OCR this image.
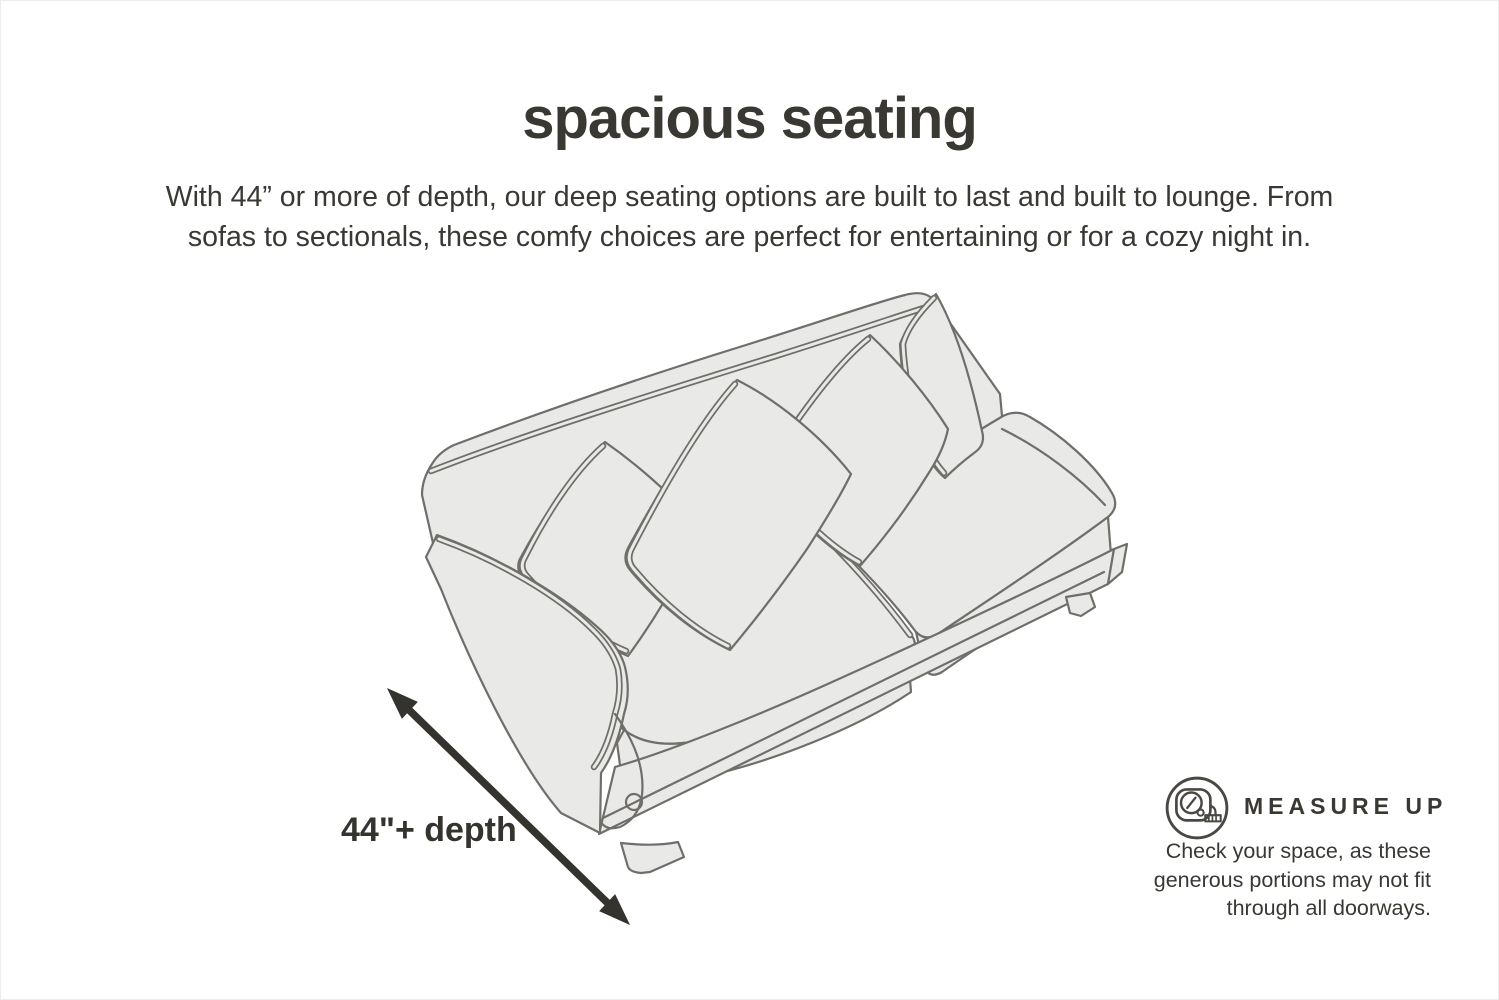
spacious seating
With 44” or more of depth, our deep seating options are built to last and built to lounge. From
sofas to sectionals, these comfy choices are perfect for entertaining or for a cozy night in.
44"+ depth
MEASURE UP
Check your space, as these
generous portions may not fit
through all doorways.
